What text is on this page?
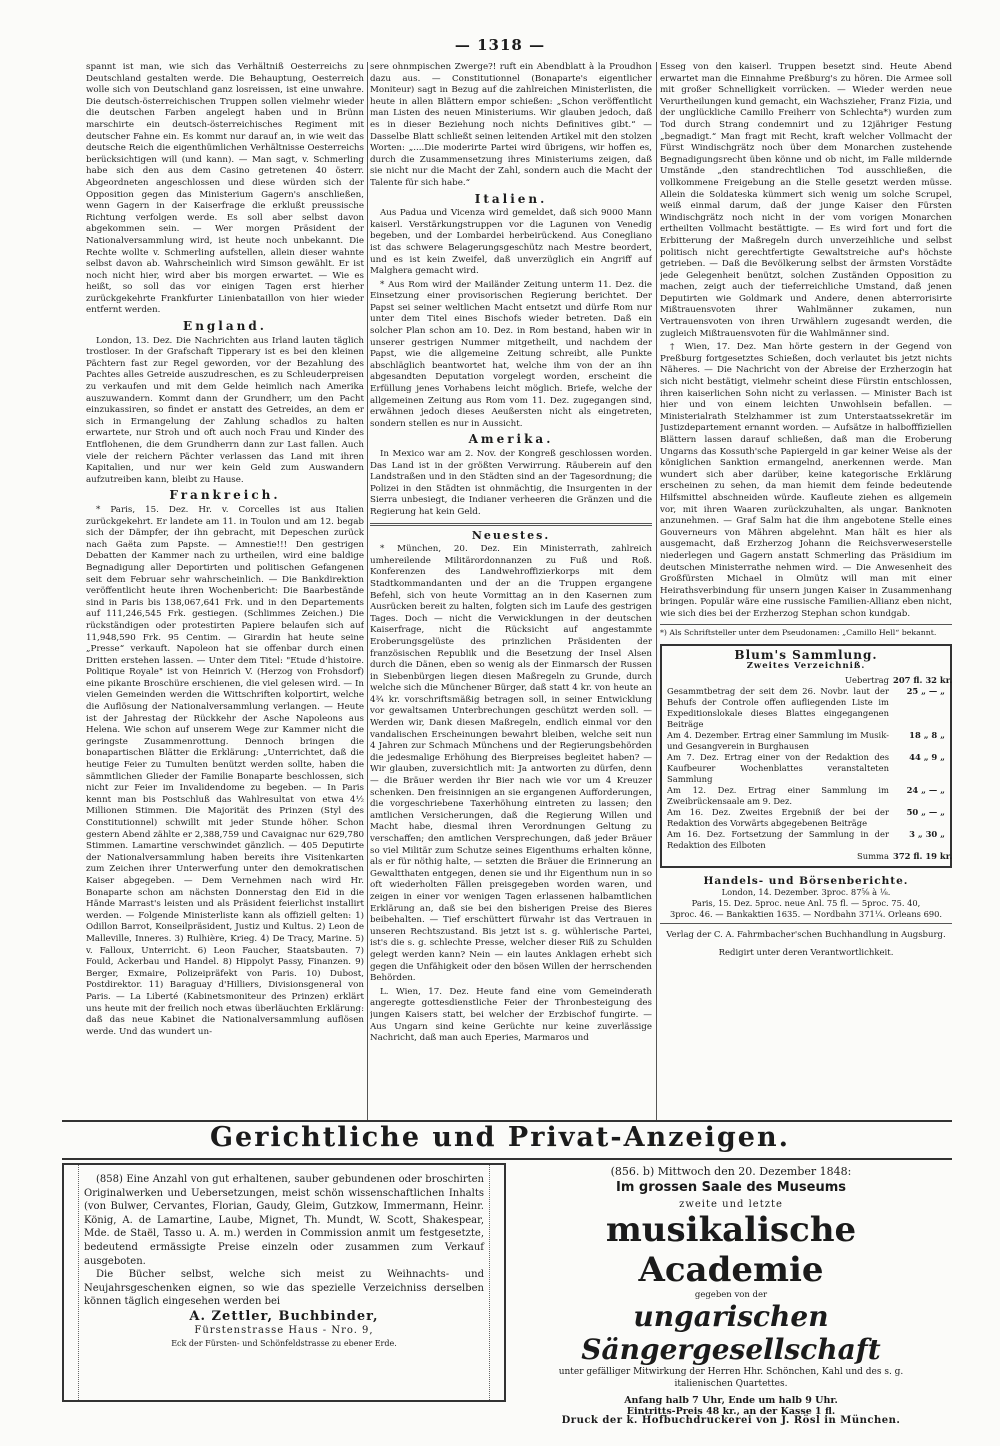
— 1318 —

spannt ist man, wie sich das Verhältniß Oesterreichs zu Deutschland gestalten werde. Die Behauptung, Oesterreich wolle sich von Deutschland ganz losreissen, ist eine unwahre. Die deutsch-österreichischen Truppen sollen vielmehr wieder die deutschen Farben angelegt haben und in Brünn marschirte ein deutsch-österreichisches Regiment mit deutscher Fahne ein. Es kommt nur darauf an, in wie weit das deutsche Reich die eigenthümlichen Verhältnisse Oesterreichs berücksichtigen will (und kann). — Man sagt, v. Schmerling habe sich den aus dem Casino getretenen 40 österr. Abgeordneten angeschlossen und diese würden sich der Opposition gegen das Ministerium Gagern's anschließen, wenn Gagern in der Kaiserfrage die erklußt preussische Richtung verfolgen werde. Es soll aber selbst davon abgekommen sein. — Wer morgen Präsident der Nationalversammlung wird, ist heute noch unbekannt. Die Rechte wollte v. Schmerling aufstellen, allein dieser wahnte selbst davon ab. Wahrscheinlich wird Simson gewählt. Er ist noch nicht hier, wird aber bis morgen erwartet. — Wie es heißt, so soll das vor einigen Tagen erst hierher zurückgekehrte Frankfurter Linienbataillon von hier wieder entfernt werden.

England.

London, 13. Dez. Die Nachrichten aus Irland lauten täglich trostloser. In der Grafschaft Tipperary ist es bei den kleinen Pächtern fast zur Regel geworden, vor der Bezahlung des Pachtes alles Getreide auszudreschen, es zu Schleuderpreisen zu verkaufen und mit dem Gelde heimlich nach Amerika auszuwandern. Kommt dann der Grundherr, um den Pacht einzukassiren, so findet er anstatt des Getreides, an dem er sich in Ermangelung der Zahlung schadlos zu halten erwartete, nur Stroh und oft auch noch Frau und Kinder des Entflohenen, die dem Grundherrn dann zur Last fallen. Auch viele der reichern Pächter verlassen das Land mit ihren Kapitalien, und nur wer kein Geld zum Auswandern aufzutreiben kann, bleibt zu Hause.

Frankreich.

* Paris, 15. Dez. Hr. v. Corcelles ist aus Italien zurückgekehrt. Er landete am 11. in Toulon und am 12. begab sich der Dämpfer, der ihn gebracht, mit Depeschen zurück nach Gaëta zum Papste. — Amnestie!!! Den gestrigen Debatten der Kammer nach zu urtheilen, wird eine baldige Begnadigung aller Deportirten und politischen Gefangenen seit dem Februar sehr wahrscheinlich. — Die Bankdirektion veröffentlicht heute ihren Wochenbericht: Die Baarbestände sind in Paris bis 138,067,641 Frk. und in den Departements auf 111,246,545 Frk. gestiegen. (Schlimmes Zeichen.) Die rückständigen oder protestirten Papiere belaufen sich auf 11,948,590 Frk. 95 Centim. — Girardin hat heute seine „Presse“ verkauft. Napoleon hat sie offenbar durch einen Dritten erstehen lassen. — Unter dem Titel: "Etude d'histoire. Politique Royale" ist von Heinrich V. (Herzog von Frohsdorf) eine pikante Broschüre erschienen, die viel gelesen wird. — In vielen Gemeinden werden die Wittschriften kolportirt, welche die Auflösung der Nationalversammlung verlangen. — Heute ist der Jahrestag der Rückkehr der Asche Napoleons aus Helena. Wie schon auf unserem Wege zur Kammer nicht die geringste Zusammenrottung. Dennoch bringen die bonapartischen Blätter die Erklärung: „Unterrichtet, daß die heutige Feier zu Tumulten benützt werden sollte, haben die sämmtlichen Glieder der Familie Bonaparte beschlossen, sich nicht zur Feier im Invalidendome zu begeben. — In Paris kennt man bis Postschluß das Wahlresultat von etwa 4½ Millionen Stimmen. Die Majorität des Prinzen (Styl des Constitutionnel) schwillt mit jeder Stunde höher. Schon gestern Abend zählte er 2,388,759 und Cavaignac nur 629,780 Stimmen. Lamartine verschwindet gänzlich. — 405 Deputirte der Nationalversammlung haben bereits ihre Visitenkarten zum Zeichen ihrer Unterwerfung unter den demokratischen Kaiser abgegeben. — Dem Vernehmen nach wird Hr. Bonaparte schon am nächsten Donnerstag den Eid in die Hände Marrast's leisten und als Präsident feierlichst installirt werden. — Folgende Ministerliste kann als offiziell gelten: 1) Odillon Barrot, Konseilpräsident, Justiz und Kultus. 2) Leon de Malleville, Inneres. 3) Rulhière, Krieg. 4) De Tracy, Marine. 5) v. Falloux, Unterricht. 6) Leon Faucher, Staatsbauten. 7) Fould, Ackerbau und Handel. 8) Hippolyt Passy, Finanzen. 9) Berger, Exmaire, Polizeipräfekt von Paris. 10) Dubost, Postdirektor. 11) Baraguay d'Hilliers, Divisionsgeneral von Paris. — La Liberté (Kabinetsmoniteur des Prinzen) erklärt uns heute mit der freilich noch etwas überläuchten Erklärung: daß das neue Kabinet die Nationalversammlung auflösen werde. Und das wundert un-

sere ohnmpischen Zwerge?! ruft ein Abendblatt à la Proudhon dazu aus. — Constitutionnel (Bonaparte's eigentlicher Moniteur) sagt in Bezug auf die zahlreichen Ministerlisten, die heute in allen Blättern empor schießen: „Schon veröffentlicht man Listen des neuen Ministeriums. Wir glauben jedoch, daß es in dieser Beziehung noch nichts Definitives gibt.“ — Dasselbe Blatt schließt seinen leitenden Artikel mit den stolzen Worten: „....Die moderirte Partei wird übrigens, wir hoffen es, durch die Zusammensetzung ihres Ministeriums zeigen, daß sie nicht nur die Macht der Zahl, sondern auch die Macht der Talente für sich habe.“

Italien.

Aus Padua und Vicenza wird gemeldet, daß sich 9000 Mann kaiserl. Verstärkungstruppen vor die Lagunen von Venedig begeben, und der Lombardei herbeirückend. Aus Conegliano ist das schwere Belagerungsgeschütz nach Mestre beordert, und es ist kein Zweifel, daß unverzüglich ein Angriff auf Malghera gemacht wird.

* Aus Rom wird der Mailänder Zeitung unterm 11. Dez. die Einsetzung einer provisorischen Regierung berichtet. Der Papst sei seiner weltlichen Macht entsetzt und dürfe Rom nur unter dem Titel eines Bischofs wieder betreten. Daß ein solcher Plan schon am 10. Dez. in Rom bestand, haben wir in unserer gestrigen Nummer mitgetheilt, und nachdem der Papst, wie die allgemeine Zeitung schreibt, alle Punkte abschläglich beantwortet hat, welche ihm von der an ihn abgesandten Deputation vorgelegt worden, erscheint die Erfüllung jenes Vorhabens leicht möglich. Briefe, welche der allgemeinen Zeitung aus Rom vom 11. Dez. zugegangen sind, erwähnen jedoch dieses Aeußersten nicht als eingetreten, sondern stellen es nur in Aussicht.

Amerika.

In Mexico war am 2. Nov. der Kongreß geschlossen worden. Das Land ist in der größten Verwirrung. Räuberein auf den Landstraßen und in den Städten sind an der Tagesordnung; die Polizei in den Städten ist ohnmächtig, die Insurgenten in der Sierra unbesiegt, die Indianer verheeren die Gränzen und die Regierung hat kein Geld.

Neuestes.

* München, 20. Dez. Ein Ministerrath, zahlreich umhereilende Militärordonnanzen zu Fuß und Roß. Konferenzen des Landwehroffizierkorps mit dem Stadtkommandanten und der an die Truppen ergangene Befehl, sich von heute Vormittag an in den Kasernen zum Ausrücken bereit zu halten, folgten sich im Laufe des gestrigen Tages. Doch — nicht die Verwicklungen in der deutschen Kaiserfrage, nicht die Rücksicht auf angestammte Eroberungsgelüste des prinzlichen Präsidenten der französischen Republik und die Besetzung der Insel Alsen durch die Dänen, eben so wenig als der Einmarsch der Russen in Siebenbürgen liegen diesen Maßregeln zu Grunde, durch welche sich die Münchener Bürger, daß statt 4 kr. von heute an 4¾ kr. vorschriftsmäßig betragen soll, in seiner Entwicklung vor gewaltsamen Unterbrechungen geschützt werden soll. — Werden wir, Dank diesen Maßregeln, endlich einmal vor den vandalischen Erscheinungen bewahrt bleiben, welche seit nun 4 Jahren zur Schmach Münchens und der Regierungsbehörden die jedesmalige Erhöhung des Bierpreises begleitet haben? — Wir glauben, zuversichtlich mit: Ja antworten zu dürfen, denn — die Bräuer werden ihr Bier nach wie vor um 4 Kreuzer schenken. Den freisinnigen an sie ergangenen Aufforderungen, die vorgeschriebene Taxerhöhung eintreten zu lassen; den amtlichen Versicherungen, daß die Regierung Willen und Macht habe, diesmal ihren Verordnungen Geltung zu verschaffen; den amtlichen Versprechungen, daß jeder Bräuer so viel Militär zum Schutze seines Eigenthums erhalten könne, als er für nöthig halte, — setzten die Bräuer die Erinnerung an Gewaltthaten entgegen, denen sie und ihr Eigenthum nun in so oft wiederholten Fällen preisgegeben worden waren, und zeigen in einer vor wenigen Tagen erlassenen halbamtlichen Erklärung an, daß sie bei den bisherigen Preise des Bieres beibehalten. — Tief erschüttert fürwahr ist das Vertrauen in unseren Rechtszustand. Bis jetzt ist s. g. wühlerische Partei, ist's die s. g. schlechte Presse, welcher dieser Riß zu Schulden gelegt werden kann? Nein — ein lautes Anklagen erhebt sich gegen die Unfähigkeit oder den bösen Willen der herrschenden Behörden.

L. Wien, 17. Dez. Heute fand eine vom Gemeinderath angeregte gottesdienstliche Feier der Thronbesteigung des jungen Kaisers statt, bei welcher der Erzbischof fungirte. — Aus Ungarn sind keine Gerüchte nur keine zuverlässige Nachricht, daß man auch Eperies, Marmaros und

Esseg von den kaiserl. Truppen besetzt sind. Heute Abend erwartet man die Einnahme Preßburg's zu hören. Die Armee soll mit großer Schnelligkeit vorrücken. — Wieder werden neue Verurtheilungen kund gemacht, ein Wachszieher, Franz Fizia, und der unglückliche Camillo Freiherr von Schlechta*) wurden zum Tod durch Strang condemnirt und zu 12jähriger Festung „begnadigt.“ Man fragt mit Recht, kraft welcher Vollmacht der Fürst Windischgrätz noch über dem Monarchen zustehende Begnadigungsrecht üben könne und ob nicht, im Falle mildernde Umstände „den standrechtlichen Tod ausschließen, die vollkommene Freigebung an die Stelle gesetzt werden müsse. Allein die Soldateska kümmert sich wenig um solche Scrupel, weiß einmal darum, daß der junge Kaiser den Fürsten Windischgrätz noch nicht in der vom vorigen Monarchen ertheilten Vollmacht bestättigte. — Es wird fort und fort die Erbitterung der Maßregeln durch unverzeihliche und selbst politisch nicht gerechtfertigte Gewaltstreiche auf's höchste getrieben. — Daß die Bevölkerung selbst der ärmsten Vorstädte jede Gelegenheit benützt, solchen Zuständen Opposition zu machen, zeigt auch der tieferreichliche Umstand, daß jenen Deputirten wie Goldmark und Andere, denen abterrorisirte Mißtrauensvoten ihrer Wahlmänner zukamen, nun Vertrauensvoten von ihren Urwählern zugesandt werden, die zugleich Mißtrauensvoten für die Wahlmänner sind.

† Wien, 17. Dez. Man hörte gestern in der Gegend von Preßburg fortgesetztes Schießen, doch verlautet bis jetzt nichts Näheres. — Die Nachricht von der Abreise der Erzherzogin hat sich nicht bestätigt, vielmehr scheint diese Fürstin entschlossen, ihren kaiserlichen Sohn nicht zu verlassen. — Minister Bach ist hier und von einem leichten Unwohlsein befallen. — Ministerialrath Stelzhammer ist zum Unterstaatssekretär im Justizdepartement ernannt worden. — Aufsätze in halbofffiziellen Blättern lassen darauf schließen, daß man die Eroberung Ungarns das Kossuth'sche Papiergeld in gar keiner Weise als der königlichen Sanktion ermangelnd, anerkennen werde. Man wundert sich aber darüber, keine kategorische Erklärung erscheinen zu sehen, da man hiemit dem feinde bedeutende Hilfsmittel abschneiden würde. Kaufleute ziehen es allgemein vor, mit ihren Waaren zurückzuhalten, als ungar. Banknoten anzunehmen. — Graf Salm hat die ihm angebotene Stelle eines Gouverneurs von Mähren abgelehnt. Man hält es hier als ausgemacht, daß Erzherzog Johann die Reichsverweserstelle niederlegen und Gagern anstatt Schmerling das Präsidium im deutschen Ministerrathe nehmen wird. — Die Anwesenheit des Großfürsten Michael in Olmütz will man mit einer Heirathsverbindung für unsern jungen Kaiser in Zusammenhang bringen. Populär wäre eine russische Familien-Allianz eben nicht, wie sich dies bei der Erzherzog Stephan schon kundgab.

*) Als Schriftsteller unter dem Pseudonamen: „Camillo Hell“ bekannt.
Blum's Sammlung.
Zweites Verzeichniß.
Uebertrag 207 fl. 32 kr.
Gesammtbetrag der seit dem 26. Novbr. laut der Behufs der Controle offen aufliegenden Liste im Expeditionslokale dieses Blattes eingegangenen Beiträge
25 „ — „
Am 4. Dezember. Ertrag einer Sammlung im Musik- und Gesangverein in Burghausen
18 „ 8 „
Am 7. Dez. Ertrag einer von der Redaktion des Kaufbeurer Wochenblattes veranstalteten Sammlung
44 „ 9 „
Am 12. Dez. Ertrag einer Sammlung im Zweibrückensaale am 9. Dez.
24 „ — „
Am 16. Dez. Zweites Ergebniß der bei der Redaktion des Vorwärts abgegebenen Beiträge
50 „ — „
Am 16. Dez. Fortsetzung der Sammlung in der Redaktion des Eilboten
3 „ 30 „
Summa 372 fl. 19 kr.
Handels- und Börsenberichte.
London, 14. Dezember. 3proc. 87⅝ à ⅛.
Paris, 15. Dez. 5proc. neue Anl. 75 fl. — 5proc. 75. 40,
3proc. 46. — Bankaktien 1635. — Nordbahn 371¼. Orleans 690.
Verlag der C. A. Fahrmbacher'schen Buchhandlung in Augsburg.
Redigirt unter deren Verantwortlichkeit.
Gerichtliche und Privat-Anzeigen.

(858) Eine Anzahl von gut erhaltenen, sauber gebundenen oder broschirten Originalwerken und Uebersetzungen, meist schön wissenschaftlichen Inhalts (von Bulwer, Cervantes, Florian, Gaudy, Gleim, Gutzkow, Immermann, Heinr. König, A. de Lamartine, Laube, Mignet, Th. Mundt, W. Scott, Shakespear, Mde. de Staël, Tasso u. A. m.) werden in Commission anmit um festgesetzte, bedeutend ermässigte Preise einzeln oder zusammen zum Verkauf ausgeboten.

Die Bücher selbst, welche sich meist zu Weihnachts- und Neujahrsgeschenken eignen, so wie das spezielle Verzeichniss derselben können täglich eingesehen werden bei

A. Zettler, Buchbinder,
Fürstenstrasse Haus - Nro. 9,
Eck der Fürsten- und Schönfeldstrasse zu ebener Erde.
(856. b) Mittwoch den 20. Dezember 1848:
Im grossen Saale des Museums
zweite und letzte
musikalische Academie
gegeben von der
ungarischen Sängergesellschaft
unter gefälliger Mitwirkung der Herren Hhr. Schönchen, Kahl und des s. g.
italienischen Quartettes.
Anfang halb 7 Uhr, Ende um halb 9 Uhr.
Eintritts-Preis 48 kr., an der Kasse 1 fl.
Druck der k. Hofbuchdruckerei von J. Rösl in München.
